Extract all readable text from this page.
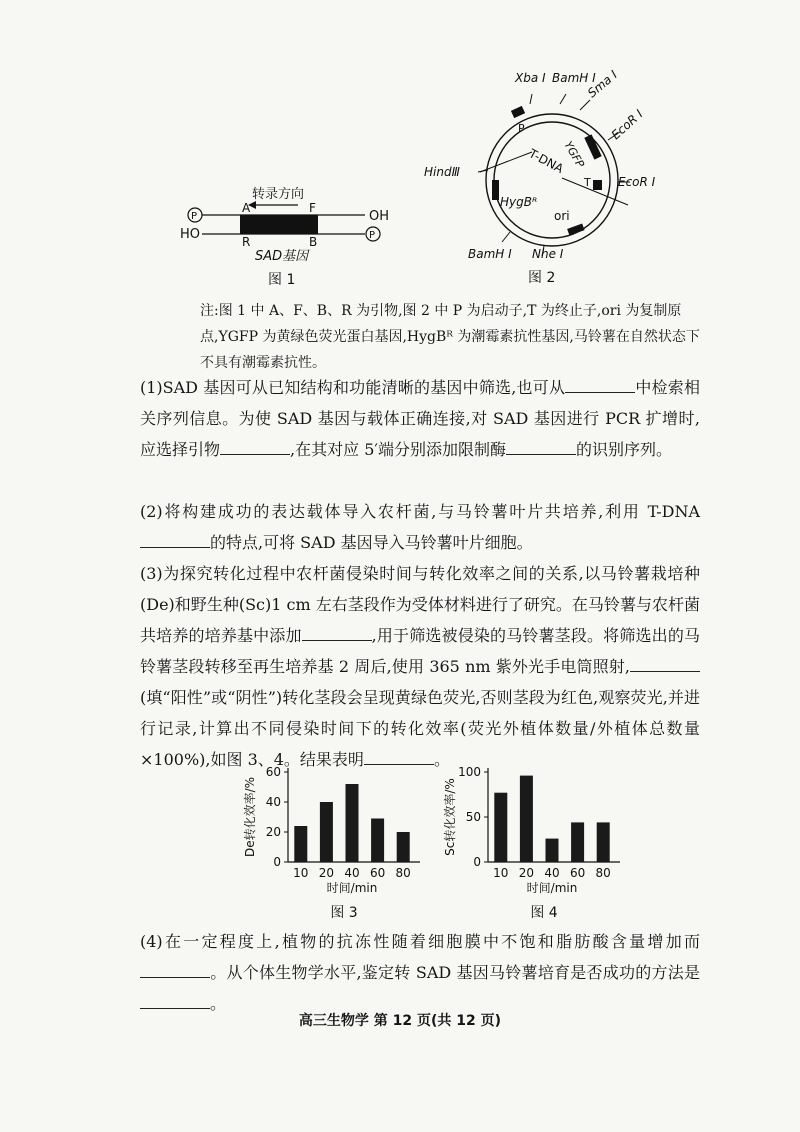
转录方向
P	OH
HO	P
A	F
R	B
SAD基因
图 1
Xba Ⅰ BamH Ⅰ
Sma Ⅰ
EcoR Ⅰ
EcoR Ⅰ
YGFP
T-DNA
P
T
HindⅢ
HygBᴿ
ori
BamH Ⅰ Nhe Ⅰ
图 2
注:图 1 中 A、F、B、R 为引物,图 2 中 P 为启动子,T 为终止子,ori 为复制原点,YGFP 为黄绿色荧光蛋白基因,HygBᴿ 为潮霉素抗性基因,马铃薯在自然状态下不具有潮霉素抗性。
(1)SAD 基因可从已知结构和功能清晰的基因中筛选,也可从	中检索相关序列信息。为使 SAD 基因与载体正确连接,对 SAD 基因进行 PCR 扩增时,应选择引物	,在其对应 5′端分别添加限制酶	的识别序列。
(2)将构建成功的表达载体导入农杆菌,与马铃薯叶片共培养,利用 T-DNA的特点,可将 SAD 基因导入马铃薯叶片细胞。
(3)为探究转化过程中农杆菌侵染时间与转化效率之间的关系,以马铃薯栽培种(De)和野生种(Sc)1 cm 左右茎段作为受体材料进行了研究。在马铃薯与农杆菌共培养的培养基中添加	,用于筛选被侵染的马铃薯茎段。将筛选出的马铃薯茎段转移至再生培养基 2 周后,使用 365 nm 紫外光手电筒照射,(填“阳性”或“阴性”)转化茎段会呈现黄绿色荧光,否则茎段为红色,观察荧光,并进行记录,计算出不同侵染时间下的转化效率(荧光外植体数量/外植体总数量×100%),如图 3、4。结果表明	。
0
20
40
60
De转化效率/%
10 20 40 60 80
时间/min
图 3
0
50
100
Sc转化效率/%
10 20 40 60 80
时间/min
图 4
(4)在一定程度上,植物的抗冻性随着细胞膜中不饱和脂肪酸含量增加而。从个体生物学水平,鉴定转 SAD 基因马铃薯培育是否成功的方法是。
高三生物学 第 12 页(共 12 页)
